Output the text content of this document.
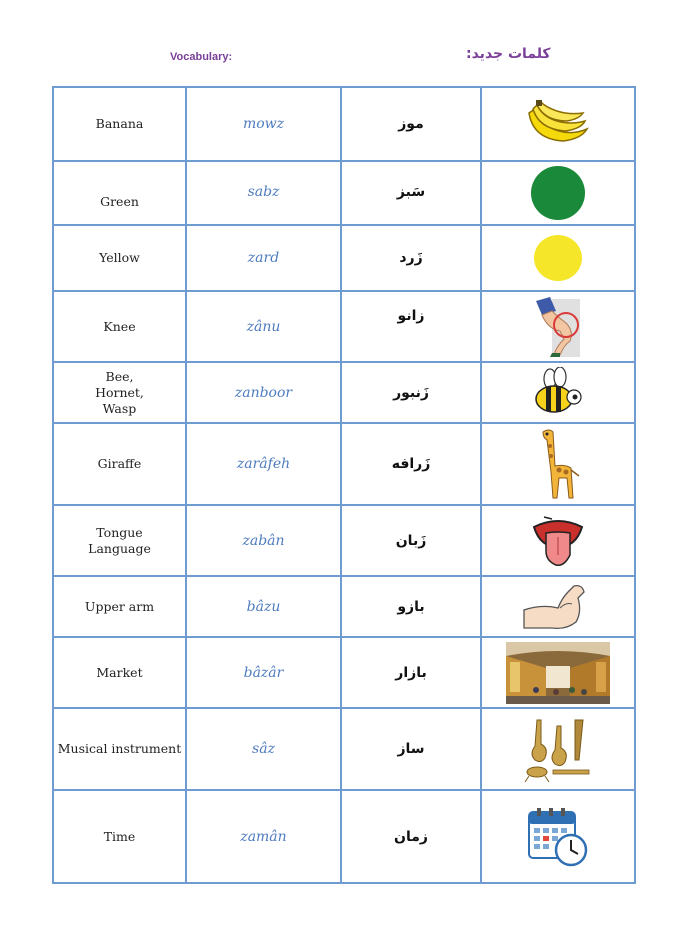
Vocabulary:	کلمات جدید:
Banana	mowz	موز	

Green	sabz	سَبز	

Yellow	zard	زَرد	

Knee	zânu	زانو	

Bee,
Hornet,
Wasp	zanboor	زَنبور	

Giraffe	zarâfeh	زَرافه	

Tongue
Language	zabân	زَبان	

Upper arm	bâzu	بازو	

Market	bâzâr	بازار	

Musical instrument	sâz	ساز	

Time	zamân	زمان	
